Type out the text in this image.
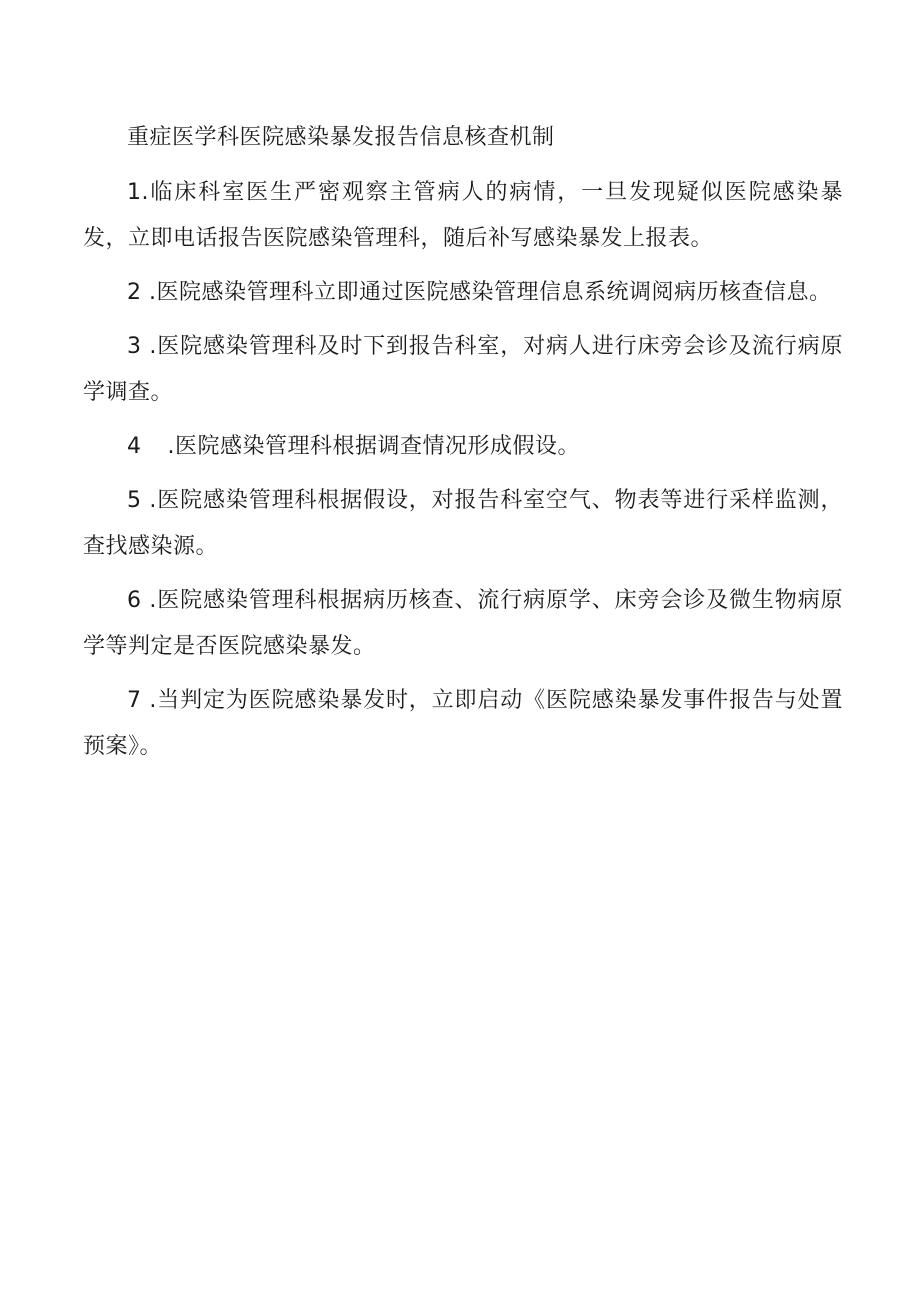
重症医学科医院感染暴发报告信息核查机制

1.临床科室医生严密观察主管病人的病情，一旦发现疑似医院感染暴发，立即电话报告医院感染管理科，随后补写感染暴发上报表。

2 .医院感染管理科立即通过医院感染管理信息系统调阅病历核查信息。

3 .医院感染管理科及时下到报告科室，对病人进行床旁会诊及流行病原学调查。

4 .医院感染管理科根据调查情况形成假设。

5 .医院感染管理科根据假设，对报告科室空气、物表等进行采样监测，查找感染源。

6 .医院感染管理科根据病历核查、流行病原学、床旁会诊及微生物病原学等判定是否医院感染暴发。

7 .当判定为医院感染暴发时，立即启动《医院感染暴发事件报告与处置预案》。
